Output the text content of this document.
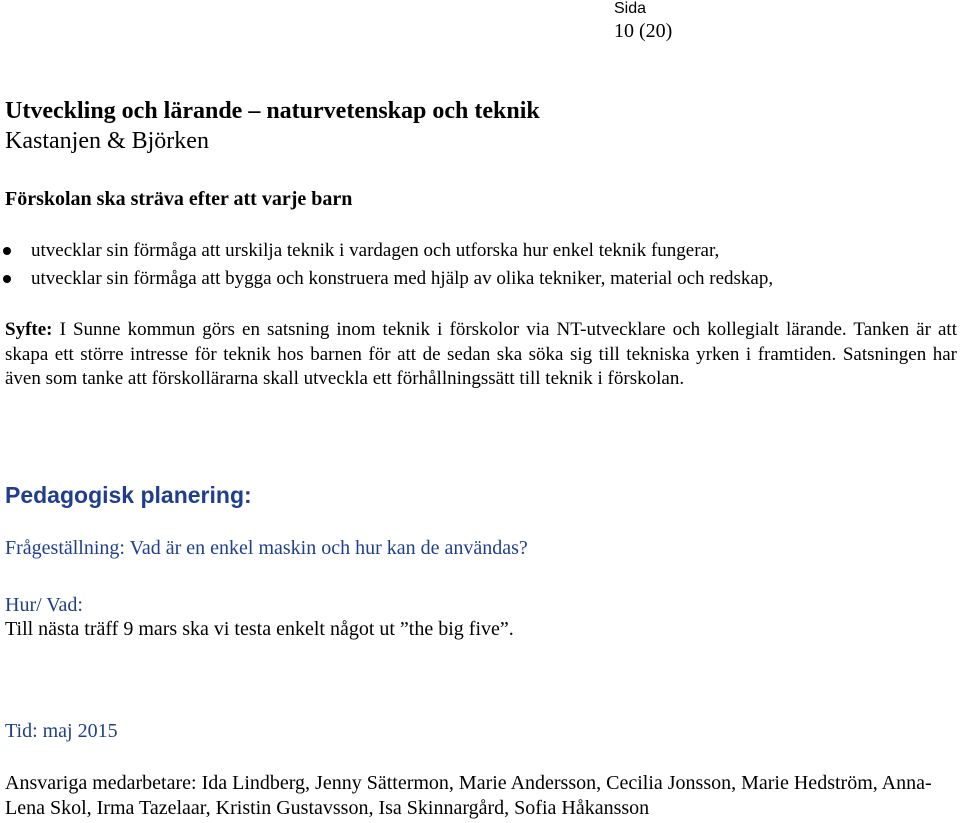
Sida
10 (20)
Utveckling och lärande – naturvetenskap och teknik
Kastanjen & Björken
Förskolan ska sträva efter att varje barn
utvecklar sin förmåga att urskilja teknik i vardagen och utforska hur enkel teknik fungerar,
utvecklar sin förmåga att bygga och konstruera med hjälp av olika tekniker, material och redskap,
Syfte: I Sunne kommun görs en satsning inom teknik i förskolor via NT-utvecklare och kollegialt lärande. Tanken är att skapa ett större intresse för teknik hos barnen för att de sedan ska söka sig till tekniska yrken i framtiden. Satsningen har även som tanke att förskollärarna skall utveckla ett förhållningssätt till teknik i förskolan.
Pedagogisk planering:
Frågeställning: Vad är en enkel maskin och hur kan de användas?
Hur/ Vad:
Till nästa träff 9 mars ska vi testa enkelt något ut ”the big five”.
Tid: maj 2015
Ansvariga medarbetare: Ida Lindberg, Jenny Sättermon, Marie Andersson, Cecilia Jonsson, Marie Hedström, Anna-Lena Skol, Irma Tazelaar, Kristin Gustavsson, Isa Skinnargård, Sofia Håkansson
